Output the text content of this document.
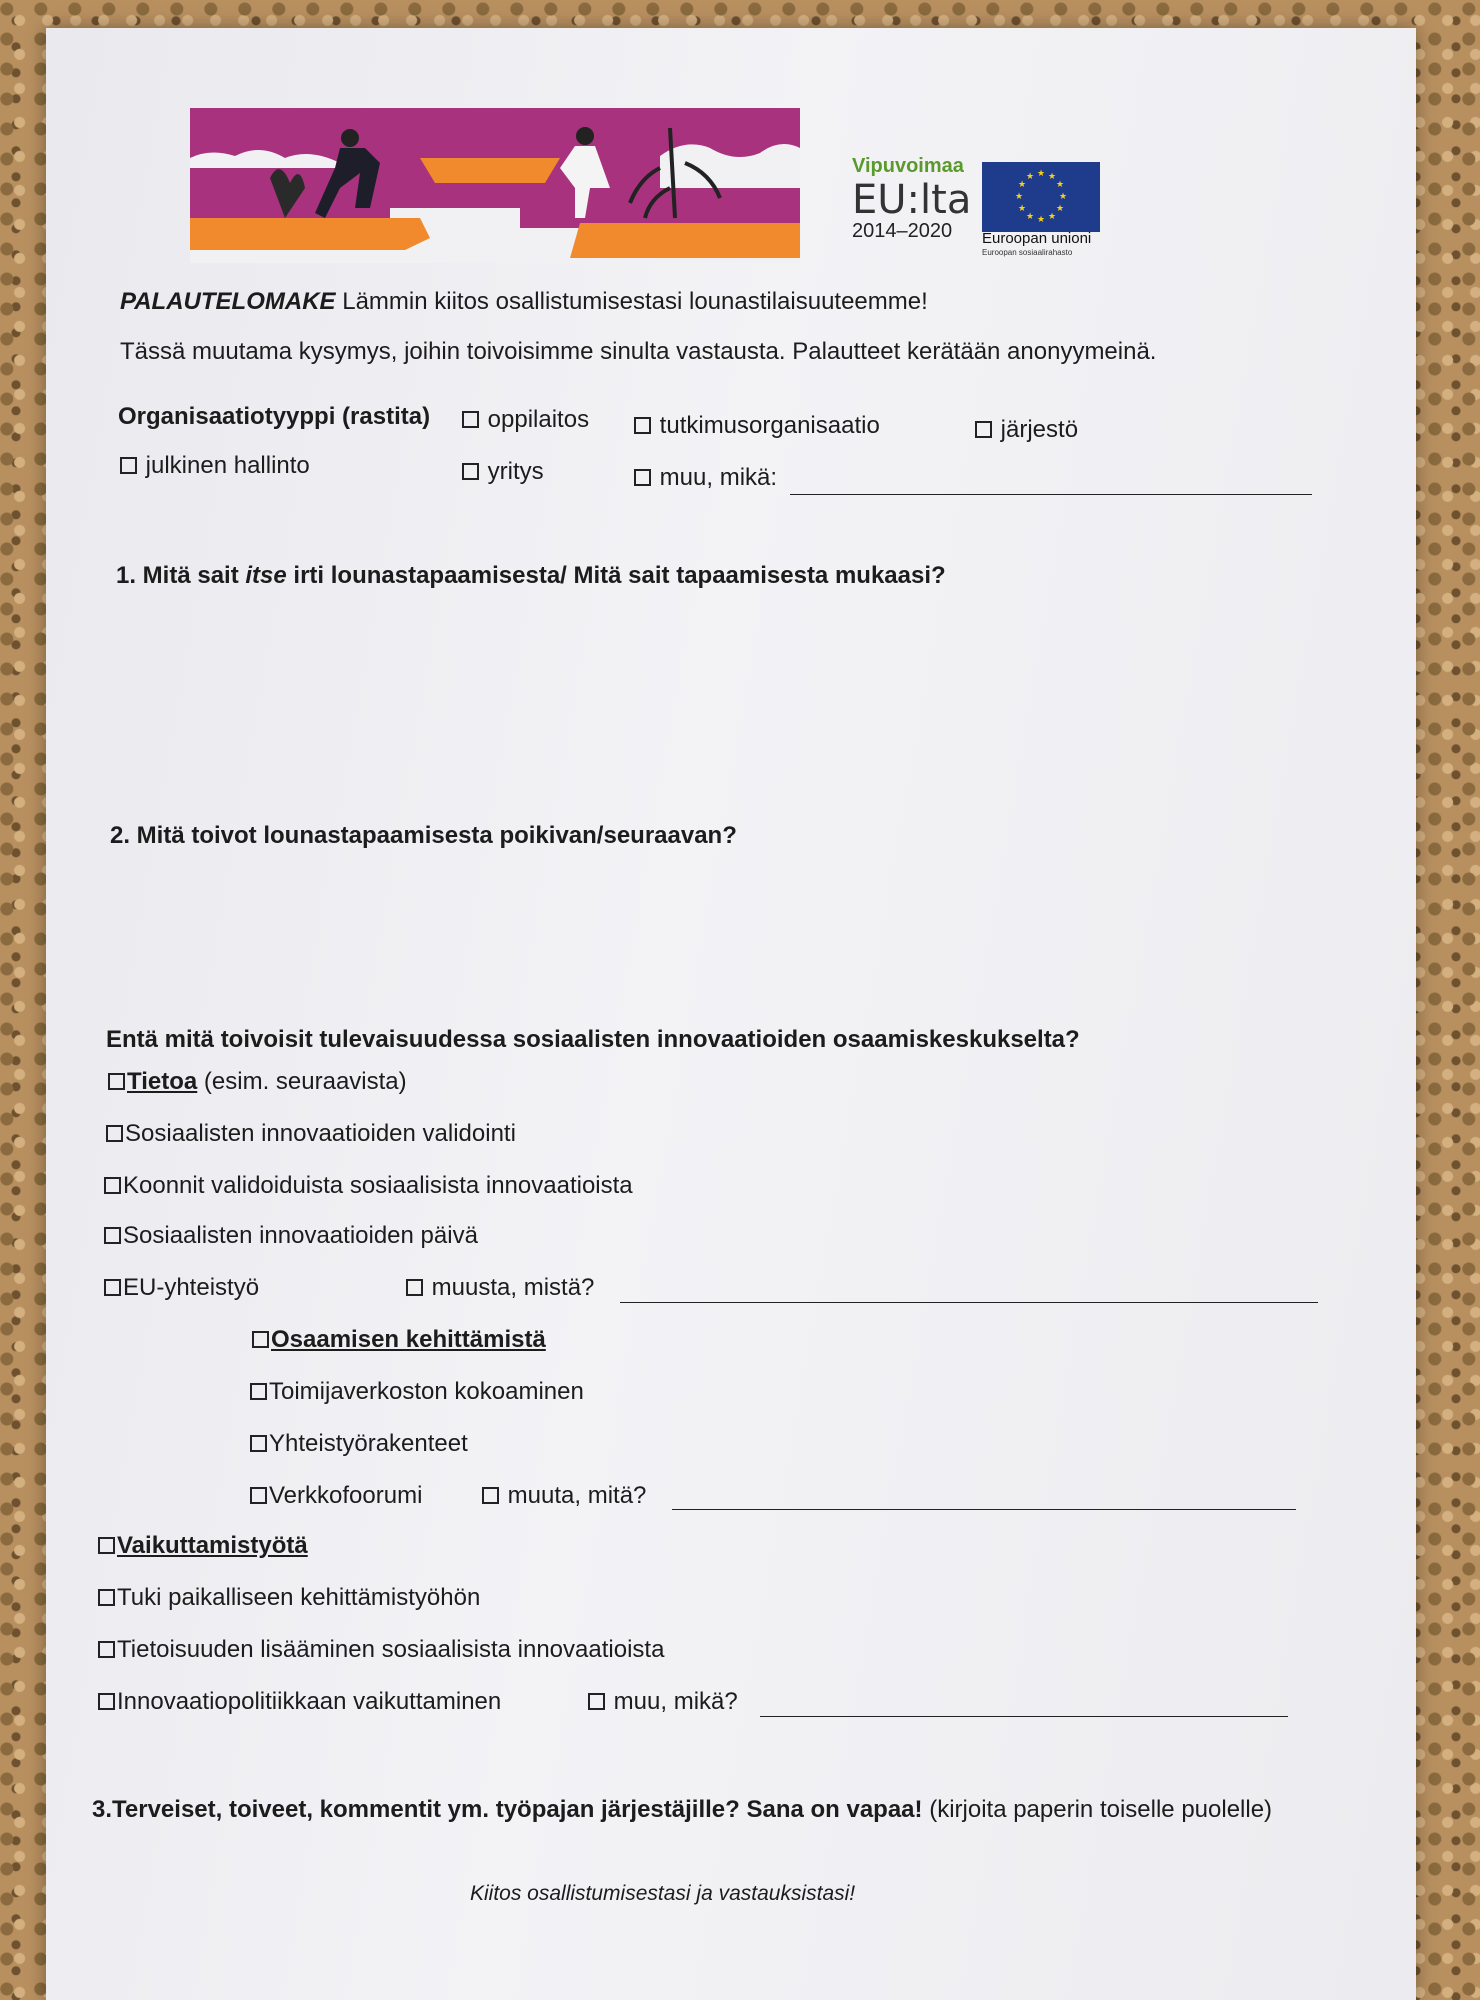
Vipuvoimaa
EU:lta
2014–2020
★ ★
★
★
★
★
★
★
★
★
★
★
Euroopan unioni
Euroopan sosiaalirahasto
PALAUTELOMAKE Lämmin kiitos osallistumisestasi lounastilaisuuteemme!
Tässä muutama kysymys, joihin toivoisimme sinulta vastausta. Palautteet kerätään anonyymeinä.
Organisaatiotyyppi (rastita)	oppilaitos	tutkimusorganisaatio	järjestö
julkinen hallinto	yritys	muu, mikä:
1. Mitä sait itse irti lounastapaamisesta/ Mitä sait tapaamisesta mukaasi?
2. Mitä toivot lounastapaamisesta poikivan/seuraavan?
Entä mitä toivoisit tulevaisuudessa sosiaalisten innovaatioiden osaamiskeskukselta?
Tietoa (esim. seuraavista)
Sosiaalisten innovaatioiden validointi
Koonnit validoiduista sosiaalisista innovaatioista
Sosiaalisten innovaatioiden päivä
EU-yhteistyö	muusta, mistä?
Osaamisen kehittämistä
Toimijaverkoston kokoaminen
Yhteistyörakenteet
Verkkofoorumi	muuta, mitä?
Vaikuttamistyötä
Tuki paikalliseen kehittämistyöhön
Tietoisuuden lisääminen sosiaalisista innovaatioista
Innovaatiopolitiikkaan vaikuttaminen	muu, mikä?
3.Terveiset, toiveet, kommentit ym. työpajan järjestäjille? Sana on vapaa! (kirjoita paperin toiselle puolelle)
Kiitos osallistumisestasi ja vastauksistasi!
